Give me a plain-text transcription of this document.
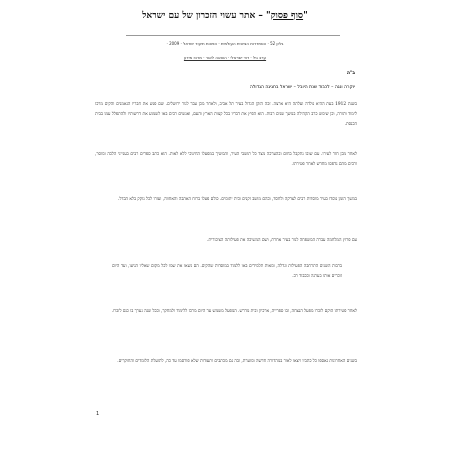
"סוף פסוק" – אתר עשוי הזכרון של עם ישראל
גליון 52 · הסתדרות הציונית העולמית · הפצות תיעוד ישראל · 2009 ·
ערב גיל · דוד ישראלי · הוצאה לאור · מרכז מידע
ב"ה
יוקרה ונגה – לכבוד שנת היובל – ישראל בחגיגה הגדולה

בשנת 1912 בעת ההיא נולדה ועלתה היא ארצה. זכה הזקן הגדול בעיר תל אביב, ולאחר מכן עבר לגור ירושלים. שם פגש את חבריו הנאמנים והקים מרכז לימוד ותורה, וכן שימש כרב הקהילה במשך שנים רבות. הוא הפיץ את דבריו בכל קצות הארץ והעם, ואנשים רבים באו לשמוע את דרשותיו ולהתפלל עמו בבית הכנסת.

לאחר מכן חזר לעירו. עם שובו נתקבל בחום ובהערכה מצד כל תושבי העיר, והמשיך במפעלו החינוכי ללא לאות. הוא כתב ספרים רבים בענייני הלכה ומוסר, ורבים מהם נדפסו מחדש לאחר פטירתו.

במשך הזמן נוסדו בעיר מוסדות רבים לצדקה ולחסד, ובהם מושב זקנים ובית יתומים. כולם פעלו ברוח האהבה והאחווה, ועזרו לכל נזקק בלא הבדל.

עם פרוץ המלחמה עברה המשפחה לגור בעיר אחרת, ושם המשיכה את פעילותה הציבורית.

ברבות השנים התרחבה הפעילות וגדלה, ומאות תלמידים באו ללמוד במוסדות שהקים. הם נשאו את שמו לכל מקום שאליו הגיעו, ועד היום זוכרים אותו בערגה ובכבוד רב.

לאחר פטירתו הוקם לזכרו מפעל הנצחה, ובו ספרייה, ארכיון ובית מדרש. המפעל משמש עד היום מרכז ללימוד ולמחקר, ובכל שנה נערך בו כנס לזכרו.

בשנים האחרונות נאספו כל כתביו ויצאו לאור במהדורה חדשה ומוערת, ובה גם מכתבים ותעודות שלא פורסמו עד כה, לתועלת הלומדים והחוקרים.

1
